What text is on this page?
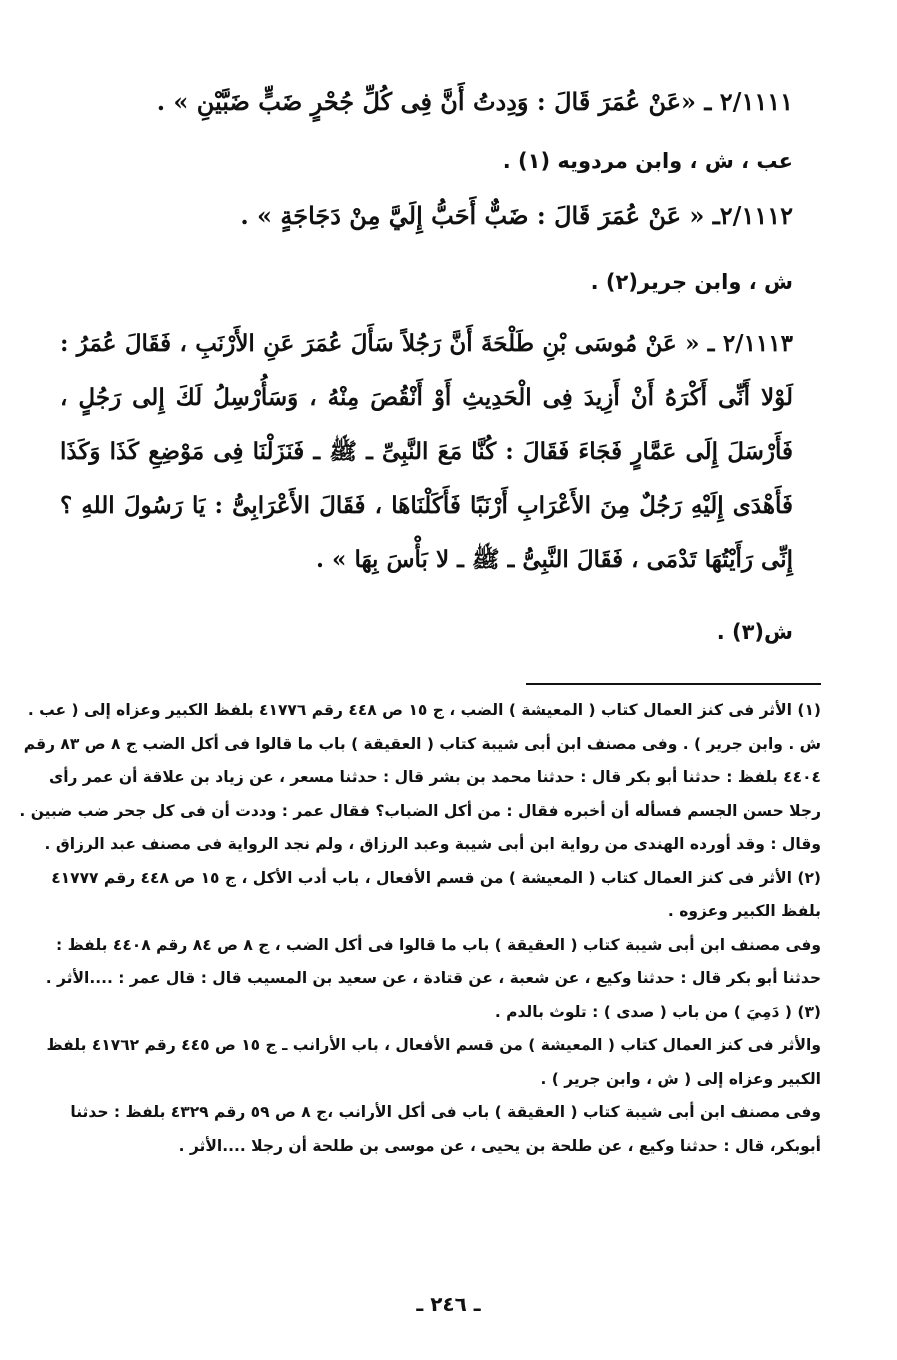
٢/١١١١ ـ «عَنْ عُمَرَ قَالَ : وَدِدتُ أَنَّ فِى كُلِّ جُحْرٍ ضَبٍّ ضَبَّيْنِ » .
عب ، ش ، وابن مردويه (١) .
٢/١١١٢ـ « عَنْ عُمَرَ قَالَ : ضَبٌّ أَحَبُّ إِلَيَّ مِنْ دَجَاجَةٍ » .
ش ، وابن جرير(٢) .
٢/١١١٣ ـ « عَنْ مُوسَى بْنِ طَلْحَةَ أَنَّ رَجُلاً سَأَلَ عُمَرَ عَنِ الأَرْنَبِ ، فَقَالَ عُمَرُ : لَوْلا أَنِّى أَكْرَهُ أَنْ أَزِيدَ فِى الْحَدِيثِ أَوْ أَنْقُصَ مِنْهُ ، وَسَأُرْسِلُ لَكَ إِلى رَجُلٍ ، فَأَرْسَلَ إِلَى عَمَّارٍ فَجَاءَ فَقَالَ : كُنَّا مَعَ النَّبِىِّ ـ ﷺ ـ فَنَزَلْنَا فِى مَوْضِعِ كَذَا وَكَذَا فَأَهْدَى إِلَيْهِ رَجُلٌ مِنَ الأَعْرَابِ أَرْنَبًا فَأَكَلْنَاهَا ، فَقَالَ الأَعْرَابِىُّ : يَا رَسُولَ اللهِ ؟ إِنِّى رَأَيْتُهَا تَدْمَى ، فَقَالَ النَّبِىُّ ـ ﷺ ـ لا بَأْسَ بِهَا » .
ش(٣) .
(١) الأثر فى كنز العمال كتاب ( المعيشة ) الضب ، ج ١٥ ص ٤٤٨ رقم ٤١٧٧٦ بلفظ الكبير وعزاه إلى ( عب .
ش . وابن جرير ) . وفى مصنف ابن أبى شيبة كتاب ( العقيقة ) باب ما قالوا فى أكل الضب ج ٨ ص ٨٣ رقم
٤٤٠٤ بلفظ : حدثنا أبو بكر قال : حدثنا محمد بن بشر قال : حدثنا مسعر ، عن زياد بن علاقة أن عمر رأى
رجلا حسن الجسم فسأله أن أخبره فقال : من أكل الضباب؟ فقال عمر : وددت أن فى كل جحر ضب ضبين .
وقال : وقد أورده الهندى من رواية ابن أبى شيبة وعبد الرزاق ، ولم نجد الرواية فى مصنف عبد الرزاق .
(٢) الأثر فى كنز العمال كتاب ( المعيشة ) من قسم الأفعال ، باب أدب الأكل ، ج ١٥ ص ٤٤٨ رقم ٤١٧٧٧
بلفظ الكبير وعزوه .
وفى مصنف ابن أبى شيبة كتاب ( العقيقة ) باب ما قالوا فى أكل الضب ، ج ٨ ص ٨٤ رقم ٤٤٠٨ بلفظ :
حدثنا أبو بكر قال : حدثنا وكيع ، عن شعبة ، عن قتادة ، عن سعيد بن المسيب قال : قال عمر : ....الأثر .
(٣) ( دَمِيَ ) من باب ( صدى ) : تلوث بالدم .
والأثر فى كنز العمال كتاب ( المعيشة ) من قسم الأفعال ، باب الأرانب ـ ج ١٥ ص ٤٤٥ رقم ٤١٧٦٢ بلفظ
الكبير وعزاه إلى ( ش ، وابن جرير ) .
وفى مصنف ابن أبى شيبة كتاب ( العقيقة ) باب فى أكل الأرانب ،ج ٨ ص ٥٩ رقم ٤٣٢٩ بلفظ : حدثنا
أبوبكر، قال : حدثنا وكيع ، عن طلحة بن يحيى ، عن موسى بن طلحة أن رجلا ....الأثر .
ـ ٢٤٦ ـ
